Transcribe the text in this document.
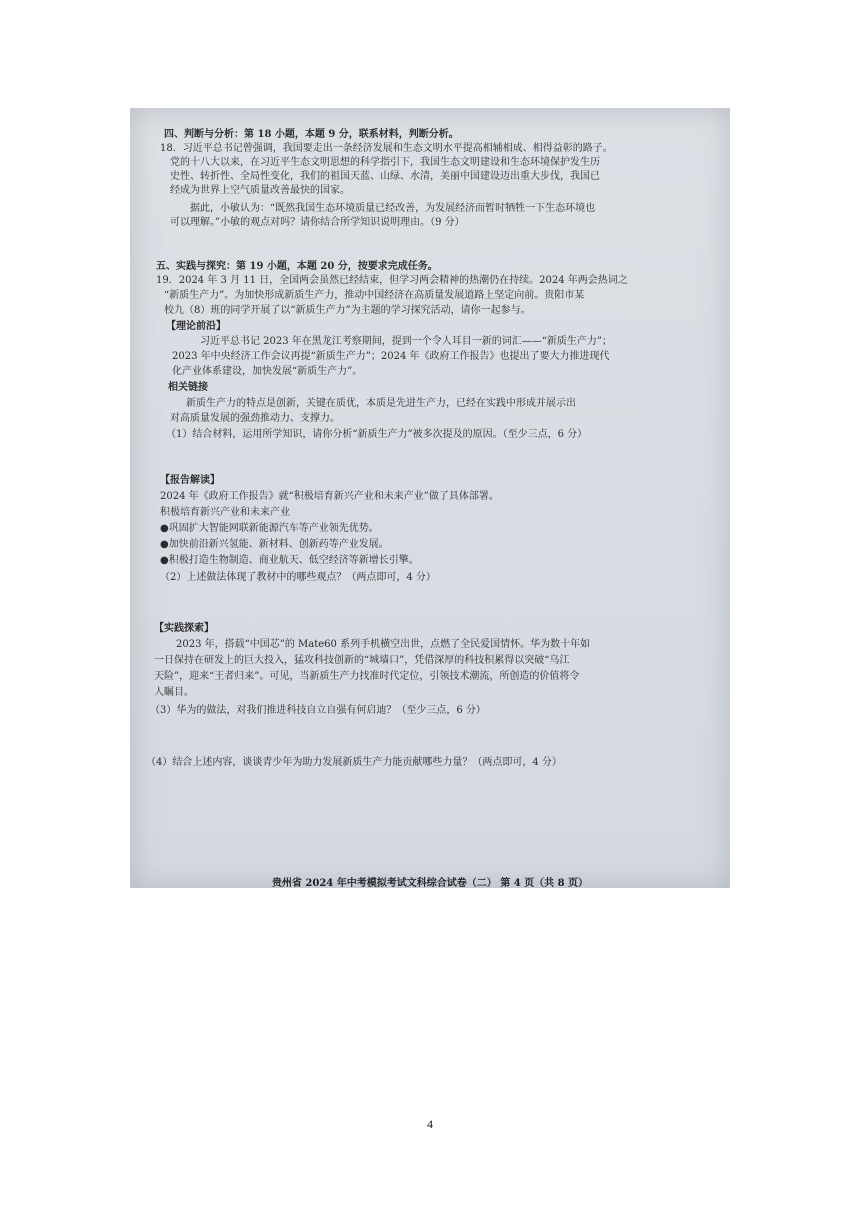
四、判断与分析：第 18 小题，本题 9 分，联系材料，判断分析。
18．习近平总书记曾强调，我国要走出一条经济发展和生态文明水平提高相辅相成、相得益彰的路子。
党的十八大以来，在习近平生态文明思想的科学指引下，我国生态文明建设和生态环境保护发生历
史性、转折性、全局性变化，我们的祖国天蓝、山绿、水清，美丽中国建设迈出重大步伐，我国已
经成为世界上空气质量改善最快的国家。
据此，小敏认为：“既然我国生态环境质量已经改善，为发展经济而暂时牺牲一下生态环境也
可以理解。”小敏的观点对吗？请你结合所学知识说明理由。（9 分）
五、实践与探究：第 19 小题，本题 20 分，按要求完成任务。
19．2024 年 3 月 11 日，全国两会虽然已经结束，但学习两会精神的热潮仍在持续。2024 年两会热词之
“新质生产力”。为加快形成新质生产力，推动中国经济在高质量发展道路上坚定向前。贵阳市某
校九（8）班的同学开展了以“新质生产力”为主题的学习探究活动，请你一起参与。
【理论前沿】
习近平总书记 2023 年在黑龙江考察期间，提到一个令人耳目一新的词汇——“新质生产力”；
2023 年中央经济工作会议再提“新质生产力”；2024 年《政府工作报告》也提出了要大力推进现代
化产业体系建设，加快发展“新质生产力”。
相关链接
新质生产力的特点是创新，关键在质优，本质是先进生产力，已经在实践中形成并展示出
对高质量发展的强劲推动力、支撑力。
（1）结合材料，运用所学知识，请你分析“新质生产力”被多次提及的原因。（至少三点，6 分）
【报告解读】
2024 年《政府工作报告》就“积极培育新兴产业和未来产业”做了具体部署。
积极培育新兴产业和未来产业
●巩固扩大智能网联新能源汽车等产业领先优势。
●加快前沿新兴氢能、新材料、创新药等产业发展。
●积极打造生物制造、商业航天、低空经济等新增长引擎。
（2）上述做法体现了教材中的哪些观点？（两点即可，4 分）
【实践探索】
2023 年，搭载“中国芯”的 Mate60 系列手机横空出世，点燃了全民爱国情怀。华为数十年如
一日保持在研发上的巨大投入，猛攻科技创新的“城墙口”，凭借深厚的科技积累得以突破“乌江
天险”，迎来“王者归来”。可见，当新质生产力找准时代定位，引领技术潮流，所创造的价值将令
人瞩目。
（3）华为的做法，对我们推进科技自立自强有何启迪？（至少三点，6 分）
（4）结合上述内容，谈谈青少年为助力发展新质生产力能贡献哪些力量？（两点即可，4 分）
贵州省 2024 年中考模拟考试文科综合试卷（二） 第 4 页（共 8 页）
4
